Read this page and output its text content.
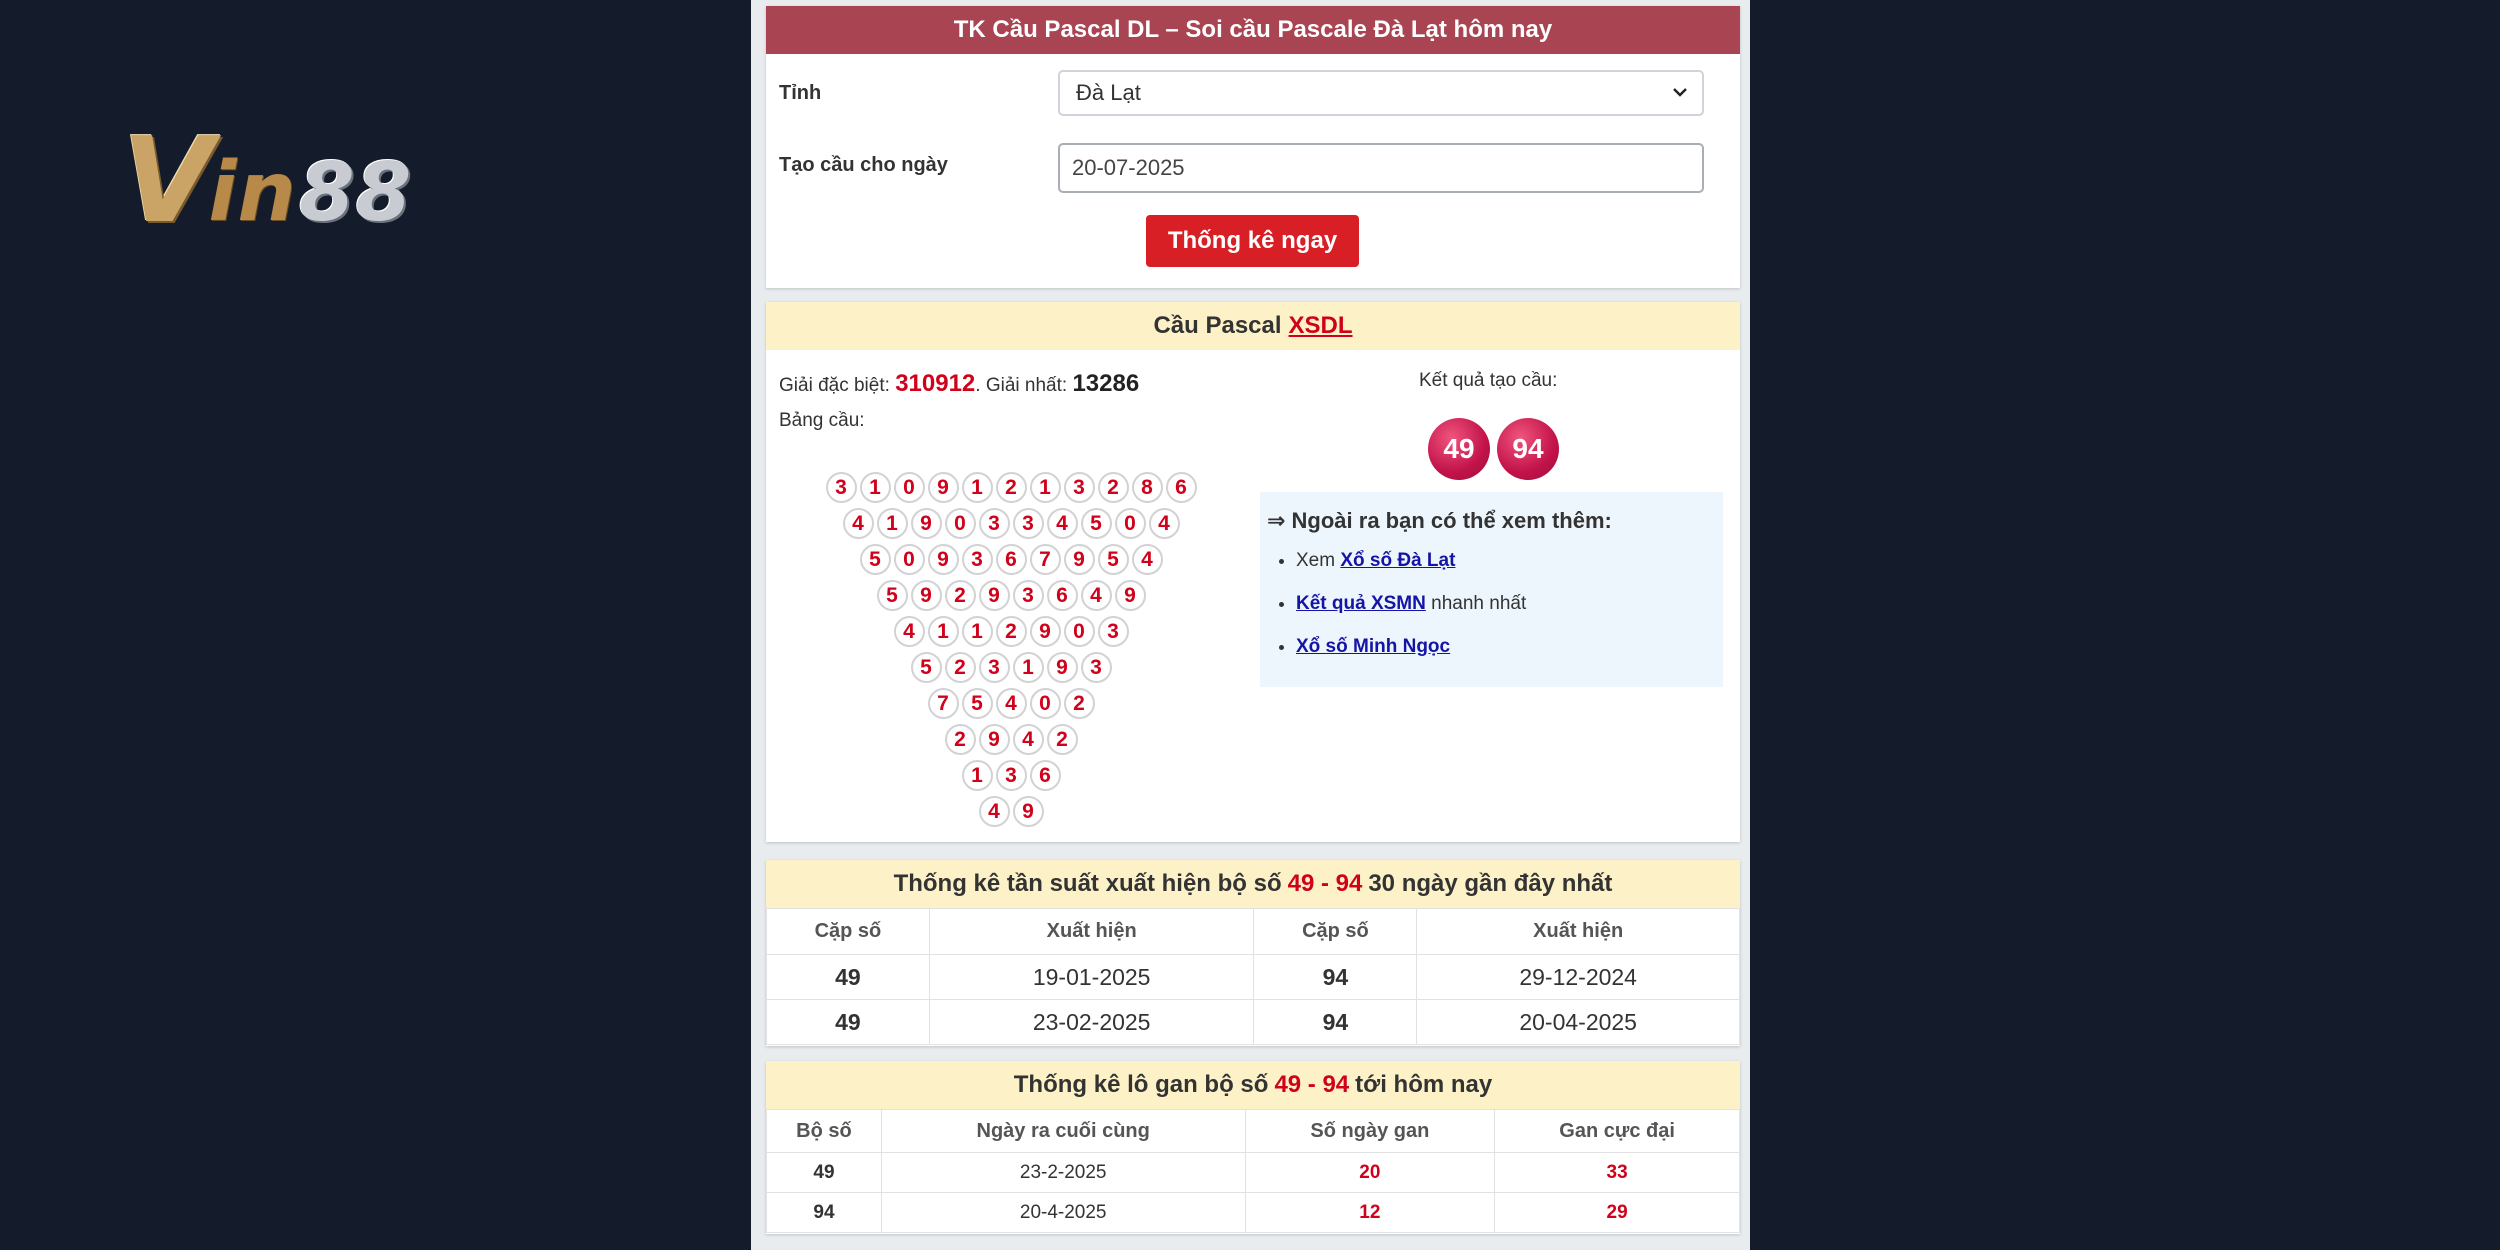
V
in 88
TK Cầu Pascal DL – Soi cầu Pascale Đà Lạt hôm nay
Tỉnh	Đà Lạt
Tạo cầu cho ngày	20-07-2025
Thống kê ngay
Cầu Pascal XSDL
Giải đặc biệt: 310912. Giải nhất: 13286
Bảng cầu:
3	1	0	9	1	2	1	3	2	8	6
4	1	9	0	3	3	4	5	0	4
5	0	9	3	6	7	9	5	4
5	9	2	9	3	6	4	9
4	1	1	2	9	0	3
5	2	3	1	9	3
7	5	4	0	2
2	9	4	2
1	3	6
4	9
Kết quả tạo cầu:
49	94
⇒ Ngoài ra bạn có thể xem thêm:
• Xem Xổ số Đà Lạt
• Kết quả XSMN nhanh nhất
• Xổ số Minh Ngọc
Thống kê tần suất xuất hiện bộ số 49 - 94 30 ngày gần đây nhất
Cặp số	Xuất hiện	Cặp số	Xuất hiện
49	19-01-2025	94	29-12-2024
49	23-02-2025	94	20-04-2025
Thống kê lô gan bộ số 49 - 94 tới hôm nay
Bộ số	Ngày ra cuối cùng	Số ngày gan	Gan cực đại
49	23-2-2025	20	33
94	20-4-2025	12	29
